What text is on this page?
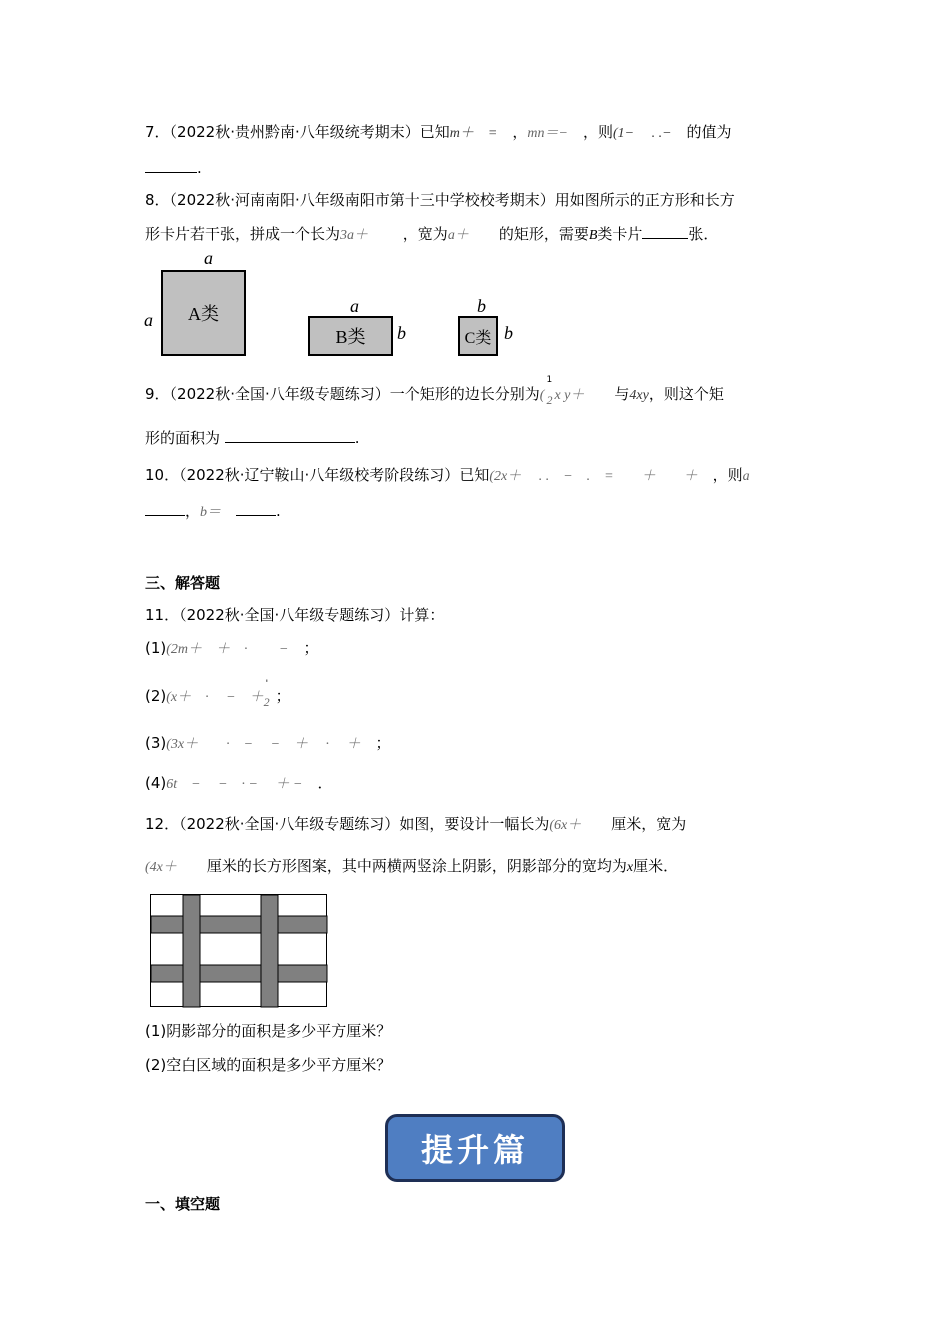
7．（2022秋·贵州黔南·八年级统考期末）已知m＋　=　 ，mn＝−　 ，则(1−　 . .−　 的值为
.
8．（2022秋·河南南阳·八年级南阳市第十三中学校校考期末）用如图所示的正方形和长方
形卡片若干张，拼成一个长为3a＋　　 ，宽为a＋　　 的矩形，需要B类卡片	张．
a
a A类	a
B类 b
b
C类 b
9．（2022秋·全国·八年级专题练习）一个矩形的边长分别为(
1
$_2$ x y＋　　 与4xy，则这个矩
形的面积为	.
10．（2022秋·辽宁鞍山·八年级校考阶段练习）已知(2x＋　 . .　−　.　=　　＋　　＋　 ，则a
，b＝　	.
三、解答题
11．（2022秋·全国·八年级专题练习）计算：
(1)(2m＋　＋　·　　 −　 ；
(2)(x＋　·　 −　＋
'
$_2$ ；
(3)(3x＋　　·　−　 −　＋　 ·　 ＋　 ；
(4)6t　−　 −　· −　 ＋ −　 ．
12．（2022秋·全国·八年级专题练习）如图，要设计一幅长为(6x＋　　 厘米，宽为
(4x＋　　 厘米的长方形图案，其中两横两竖涂上阴影，阴影部分的宽均为x厘米．
(1)阴影部分的面积是多少平方厘米？
(2)空白区域的面积是多少平方厘米？
提升篇
一、填空题
